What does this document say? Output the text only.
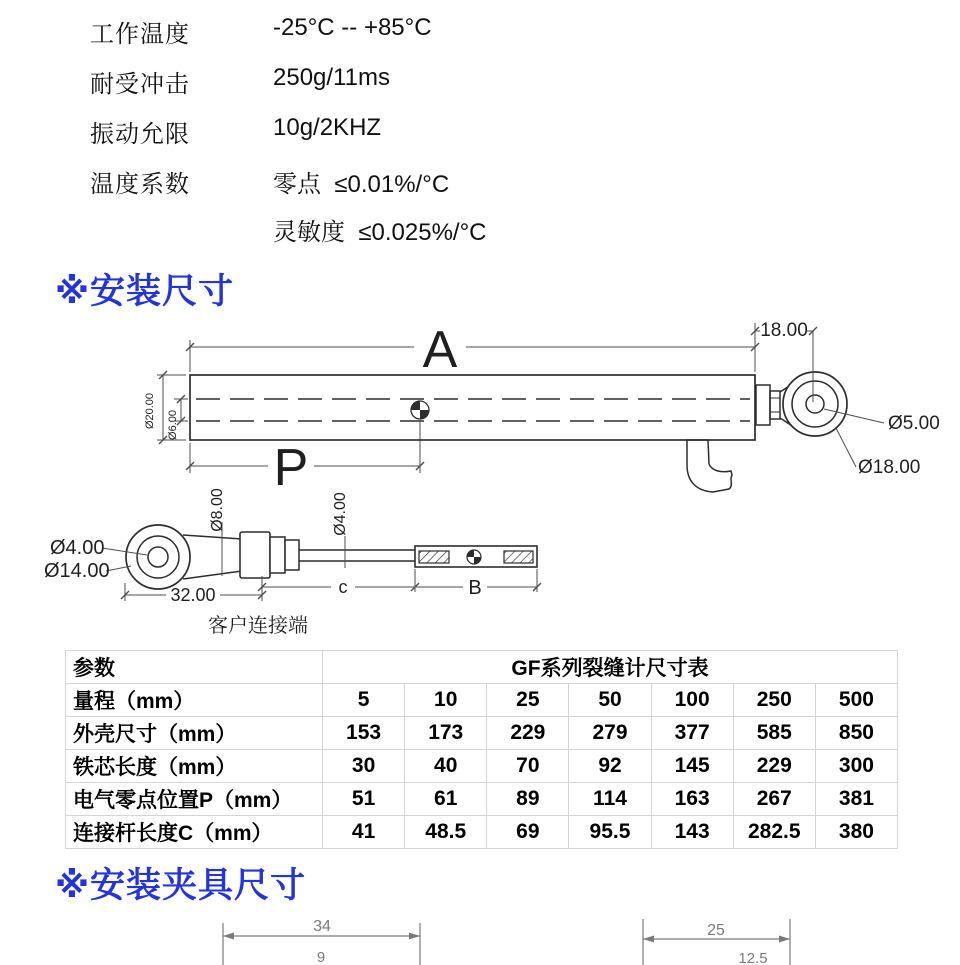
工作温度	-25°C -- +85°C
耐受冲击	250g/11ms
振动允限	10g/2KHZ
温度系数	零点  ≤0.01%/°C
灵敏度  ≤0.025%/°C
※安装尺寸
A	18.00
Ø20.00 Ø6.00
P
Ø5.00
Ø18.00
Ø4.00
Ø14.00
Ø8.00	Ø4.00
32.00	c	B
客户连接端
参数	GF系列裂缝计尺寸表						
量程（mm）	5	10	25	50	100	250	500
外壳尺寸（mm）	153	173	229	279	377	585	850
铁芯长度（mm）	30	40	70	92	145	229	300
电气零点位置P（mm）	51	61	89	114	163	267	381
连接杆长度C（mm）	41	48.5	69	95.5	143	282.5	380
※安装夹具尺寸
34
9
25
12.5
